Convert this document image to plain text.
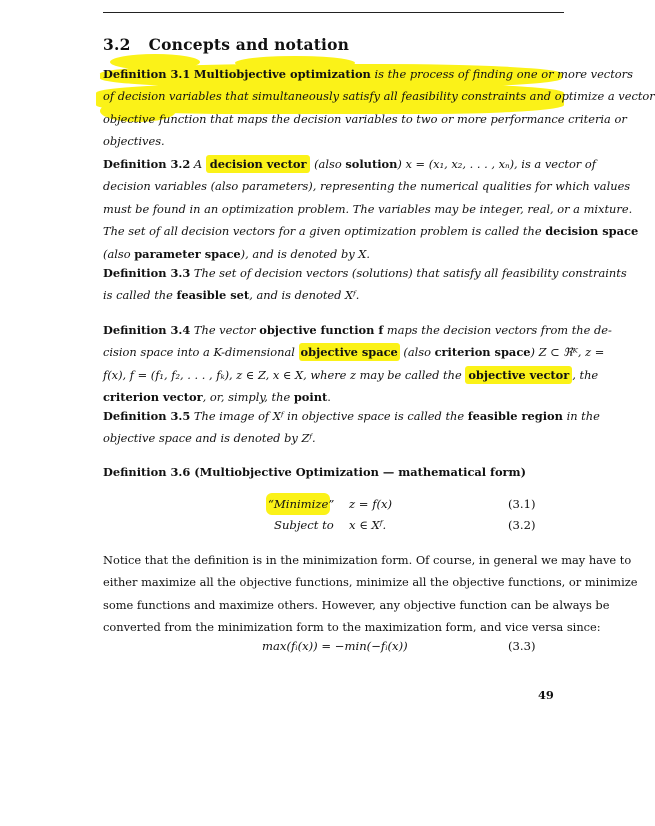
3.2 Concepts and notation
Definition 3.1 Multiobjective optimization is the process of finding one or more vectors
of decision variables that simultaneously satisfy all feasibility constraints and optimize a vector
objective function that maps the decision variables to two or more performance criteria or
objectives.
Definition 3.2 A decision vector (also solution) x = (x₁, x₂, . . . , xₙ), is a vector of
decision variables (also parameters), representing the numerical qualities for which values
must be found in an optimization problem. The variables may be integer, real, or a mixture.
The set of all decision vectors for a given optimization problem is called the decision space
(also parameter space), and is denoted by X.
Definition 3.3 The set of decision vectors (solutions) that satisfy all feasibility constraints
is called the feasible set, and is denoted Xᶠ.
Definition 3.4 The vector objective function f maps the decision vectors from the de-
cision space into a K-dimensional objective space (also criterion space) Z ⊂ ℜᴷ, z =
f(x), f = (f₁, f₂, . . . , fₖ), z ∈ Z, x ∈ X, where z may be called the objective vector , the
criterion vector, or, simply, the point.
Definition 3.5 The image of Xᶠ in objective space is called the feasible region in the
objective space and is denoted by Zᶠ.
Definition 3.6 (Multiobjective Optimization — mathematical form)
“Minimize” z = f(x)	(3.1)
Subject to x ∈ Xᶠ.	(3.2)
Notice that the definition is in the minimization form. Of course, in general we may have to
either maximize all the objective functions, minimize all the objective functions, or minimize
some functions and maximize others. However, any objective function can be always be
converted from the minimization form to the maximization form, and vice versa since:
max(fᵢ(x)) = −min(−fᵢ(x))	(3.3)
49
